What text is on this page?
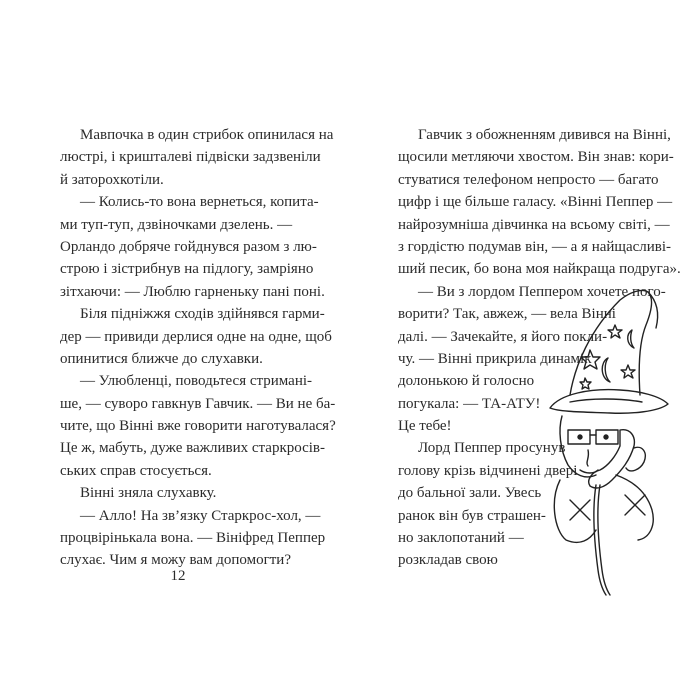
Мавпочка в один стрибок опинилася на
люстрі, і кришталеві підвіски задзвеніли
й заторохкотіли.
— Колись-то вона вернеться, копита-
ми туп-туп, дзвіночками дзелень. —
Орландо добряче гойднувся разом з лю-
строю і зістрибнув на підлогу, замріяно
зітхаючи: — Люблю гарненьку пані поні.
Біля підніжжя сходів здійнявся гарми-
дер — привиди дерлися одне на одне, щоб
опинитися ближче до слухавки.
— Улюбленці, поводьтеся стримані-
ше, — суворо гавкнув Гавчик. — Ви не ба-
чите, що Вінні вже говорити наготувалася?
Це ж, мабуть, дуже важливих старкросів-
ських справ стосується.
Вінні зняла слухавку.
— Алло! На зв’язку Старкрос-хол, —
процвірінькала вона. — Вініфред Пеппер
слухає. Чим я можу вам допомогти?
12
Гавчик з обожненням дивився на Вінні,
щосили метляючи хвостом. Він знав: кори-
стуватися телефоном непросто — багато
цифр і ще більше галасу. «Вінні Пеппер —
найрозумніша дівчинка на всьому світі, —
з гордістю подумав він, — а я найщасливі-
ший песик, бо вона моя найкраща подруга».
— Ви з лордом Пеппером хочете пого-
ворити? Так, авжеж, — вела Вінні
далі. — Зачекайте, я його покли-
чу. — Вінні прикрила динамік
долонькою й голосно
погукала: — ТА-АТУ!
Це тебе!
Лорд Пеппер просунув
голову крізь відчинені двері
до бальної зали. Увесь
ранок він був страшен-
но заклопотаний —
розкладав свою
